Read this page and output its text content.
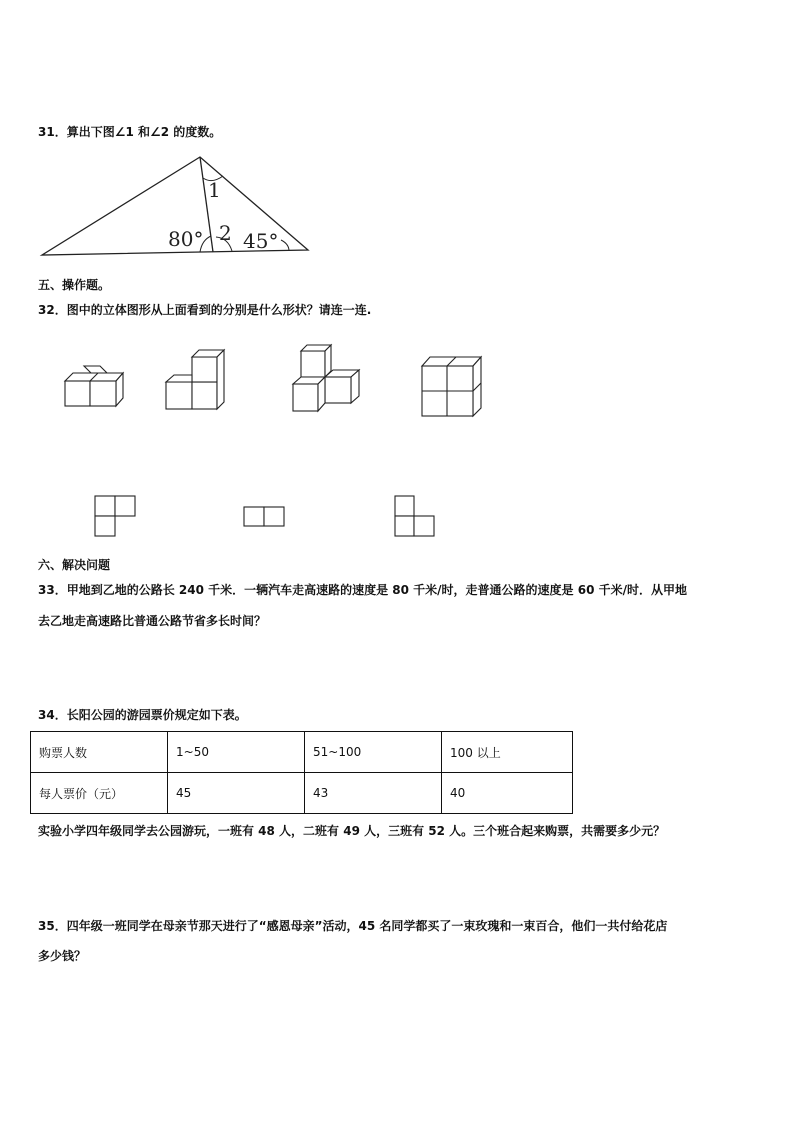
31．算出下图∠1 和∠2 的度数。
1
2
80° 45°
五、操作题。
32．图中的立体图形从上面看到的分别是什么形状？请连一连.
六、解决问题
33．甲地到乙地的公路长 240 千米．一辆汽车走高速路的速度是 80 千米/时，走普通公路的速度是 60 千米/时．从甲地
去乙地走高速路比普通公路节省多长时间？
34．长阳公园的游园票价规定如下表。
购票人数	1~50	51~100	100 以上
每人票价（元）	45	43	40
实验小学四年级同学去公园游玩，一班有 48 人，二班有 49 人，三班有 52 人。三个班合起来购票，共需要多少元？
35．四年级一班同学在母亲节那天进行了“感恩母亲”活动，45 名同学都买了一束玫瑰和一束百合，他们一共付给花店
多少钱？
